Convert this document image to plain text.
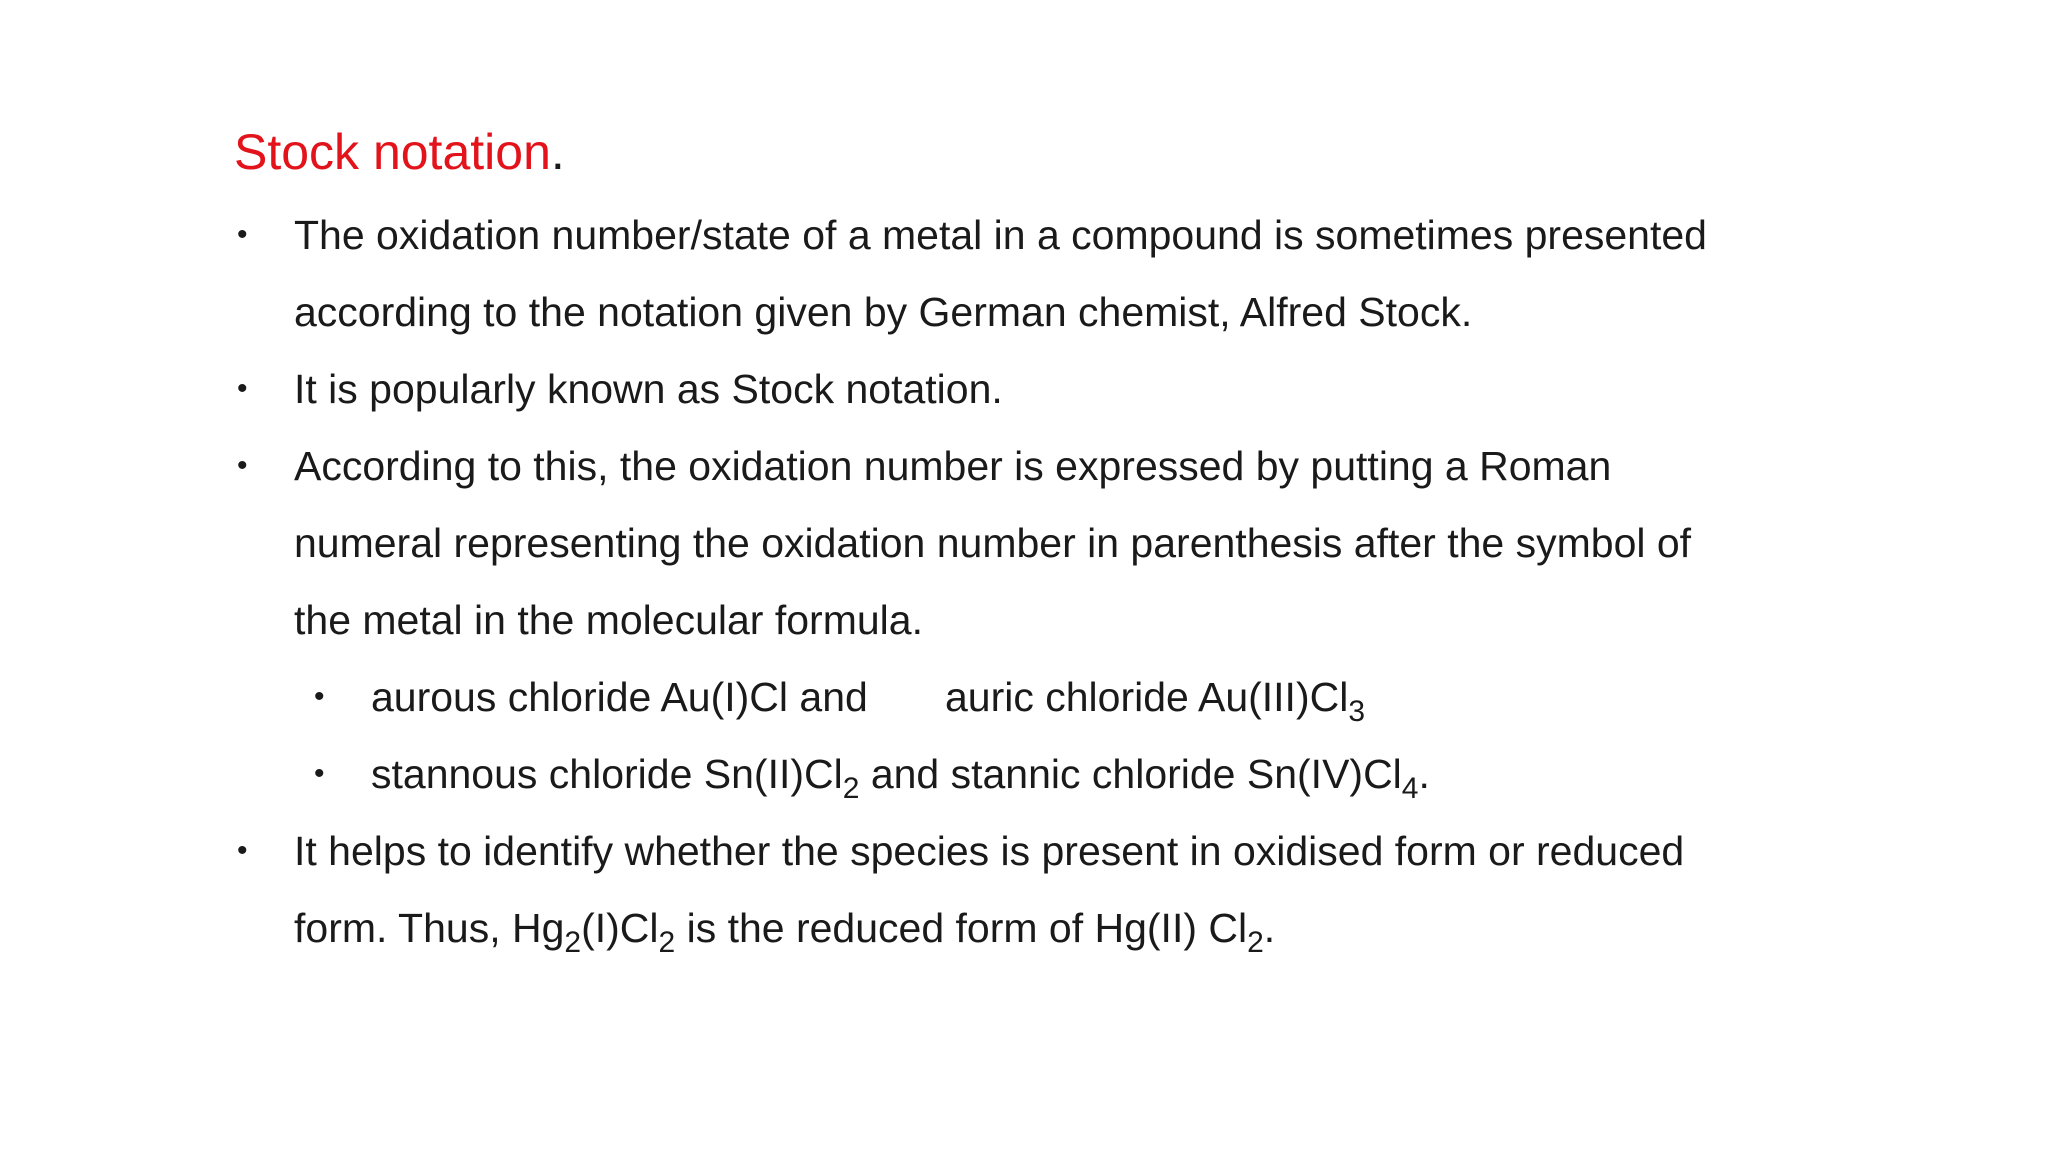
Stock notation.
• The oxidation number/state of a metal in a compound is sometimes presented
according to the notation given by German chemist, Alfred Stock.
• It is popularly known as Stock notation.
• According to this, the oxidation number is expressed by putting a Roman
numeral representing the oxidation number in parenthesis after the symbol of
the metal in the molecular formula.
• aurous chloride Au(I)Cl and auric chloride $Au(III)Cl_3$
• stannous chloride $Sn(II)Cl_2$ and stannic chloride $Sn(IV)Cl_4$.
• It helps to identify whether the species is present in oxidised form or reduced
form. Thus, $Hg_2(I)Cl_2$ is the reduced form of Hg(II) $Cl_2$.
